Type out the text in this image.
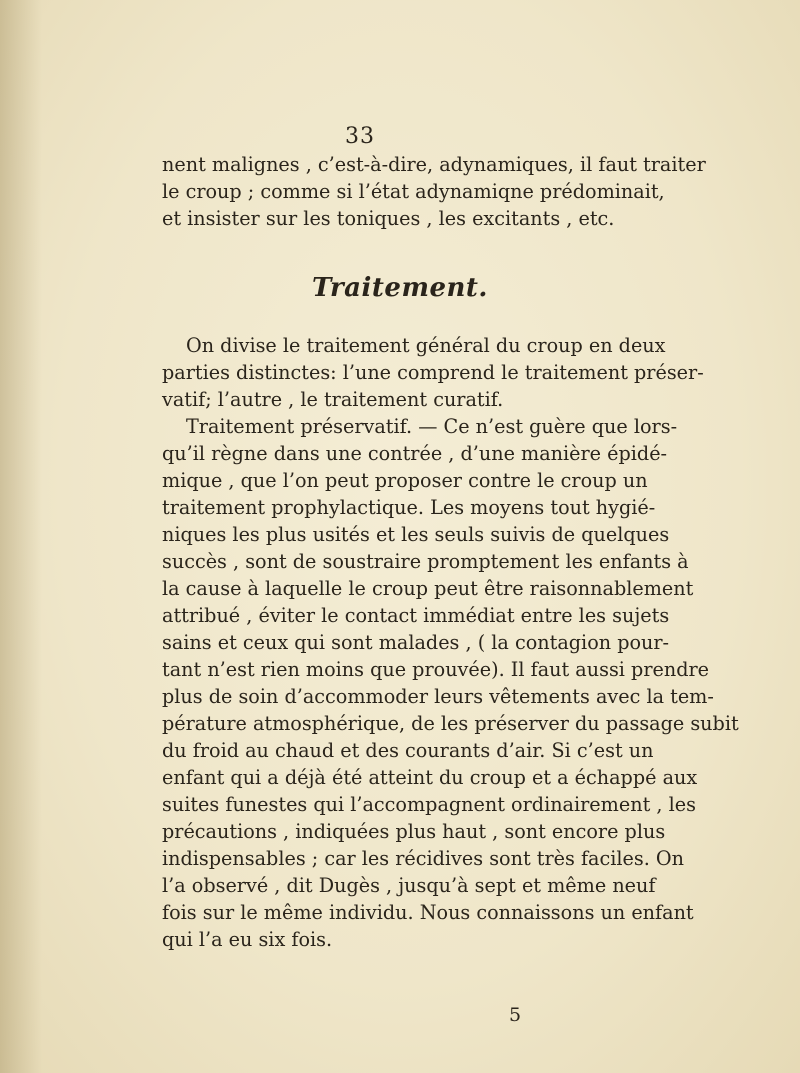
33
nent malignes , c’est-à-dire, adynamiques, il faut traiter
le croup ; comme si l’état adynamiqne prédominait,
et insister sur les toniques , les excitants , etc.
Traitement.
On divise le traitement général du croup en deux
parties distinctes: l’une comprend le traitement préser-
vatif; l’autre , le traitement curatif.
Traitement préservatif. — Ce n’est guère que lors-
qu’il règne dans une contrée , d’une manière épidé-
mique , que l’on peut proposer contre le croup un
traitement prophylactique. Les moyens tout hygié-
niques les plus usités et les seuls suivis de quelques
succès , sont de soustraire promptement les enfants à
la cause à laquelle le croup peut être raisonnablement
attribué , éviter le contact immédiat entre les sujets
sains et ceux qui sont malades , ( la contagion pour-
tant n’est rien moins que prouvée). Il faut aussi prendre
plus de soin d’accommoder leurs vêtements avec la tem-
pérature atmosphérique, de les préserver du passage subit
du froid au chaud et des courants d’air. Si c’est un
enfant qui a déjà été atteint du croup et a échappé aux
suites funestes qui l’accompagnent ordinairement , les
précautions , indiquées plus haut , sont encore plus
indispensables ; car les récidives sont très faciles. On
l’a observé , dit Dugès , jusqu’à sept et même neuf
fois sur le même individu. Nous connaissons un enfant
qui l’a eu six fois.
5
